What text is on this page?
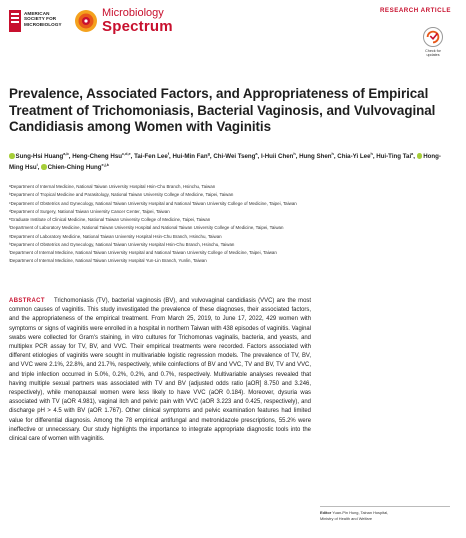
AMERICAN
SOCIETY FOR
MICROBIOLOGY
Microbiology
Spectrum
RESEARCH ARTICLE
Check for
updates
Prevalence, Associated Factors, and Appropriateness of Empirical Treatment of Trichomoniasis, Bacterial Vaginosis, and Vulvovaginal Candidiasis among Women with Vaginitis
Sung-Hsi Huang$^{a,b}$, Heng-Cheng Hsu$^{c,d,e}$, Tai-Fen Lee$^f$, Hui-Min Fan$^g$, Chi-Wei Tseng$^a$, I-Huii Chen$^h$, Hung Shen$^h$, Chia-Yi Lee$^h$, Hui-Ting Tai$^a$, Hong-Ming Hsu$^i$, Chien-Ching Hung$^{e,j,k}$
ᵃDepartment of Internal Medicine, National Taiwan University Hospital Hsin-Chu Branch, Hsinchu, Taiwan
ᵇDepartment of Tropical Medicine and Parasitology, National Taiwan University College of Medicine, Taipei, Taiwan
ᶜDepartment of Obstetrics and Gynecology, National Taiwan University Hospital and National Taiwan University College of Medicine, Taipei, Taiwan
ᵈDepartment of Surgery, National Taiwan University Cancer Center, Taipei, Taiwan
ᵉGraduate Institute of Clinical Medicine, National Taiwan University College of Medicine, Taipei, Taiwan
ᶠDepartment of Laboratory Medicine, National Taiwan University Hospital and National Taiwan University College of Medicine, Taipei, Taiwan
ᵍDepartment of Laboratory Medicine, National Taiwan University Hospital Hsin-Chu Branch, Hsinchu, Taiwan
ʰDepartment of Obstetrics and Gynecology, National Taiwan University Hospital Hsin-Chu Branch, Hsinchu, Taiwan
ⁱDepartment of Internal Medicine, National Taiwan University Hospital and National Taiwan University College of Medicine, Taipei, Taiwan
ʲDepartment of Internal Medicine, National Taiwan University Hospital Yun-Lin Branch, Yunlin, Taiwan
ABSTRACT Trichomoniasis (TV), bacterial vaginosis (BV), and vulvovaginal candidiasis (VVC) are the most common causes of vaginitis. This study investigated the prevalence of these diagnoses, their associated factors, and the appropriateness of the empirical treatment. From March 25, 2019, to June 17, 2022, 429 women with symptoms or signs of vaginitis were enrolled in a hospital in northern Taiwan with 438 episodes of vaginitis. Vaginal swabs were collected for Gram's staining, in vitro cultures for Trichomonas vaginalis, bacteria, and yeasts, and multiplex PCR assay for TV, BV, and VVC. Their empirical treatments were recorded. Factors associated with different etiologies of vaginitis were sought in multivariable logistic regression models. The prevalence of TV, BV, and VVC were 2.1%, 22.8%, and 21.7%, respectively, while coinfections of BV and VVC, TV and BV, TV and VVC, and triple infection occurred in 5.0%, 0.2%, 0.2%, and 0.7%, respectively. Multivariable analyses revealed that having multiple sexual partners was associated with TV and BV (adjusted odds ratio [aOR] 8.750 and 3.246, respectively), while menopausal women were less likely to have VVC (aOR 0.184). Moreover, dysuria was associated with TV (aOR 4.981), vaginal itch and pelvic pain with VVC (aOR 3.223 and 0.425, respectively), and discharge pH > 4.5 with BV (aOR 1.767). Other clinical symptoms and pelvic examination features had limited value for differential diagnosis. Among the 78 empirical antifungal and metronidazole prescriptions, 55.2% were ineffective or unnecessary. Our study highlights the importance to integrate appropriate diagnostic tools into the clinical care of women with vaginitis.
Editor Yuan-Pin Hung, Tainan Hospital,
Ministry of Health and Welfare
